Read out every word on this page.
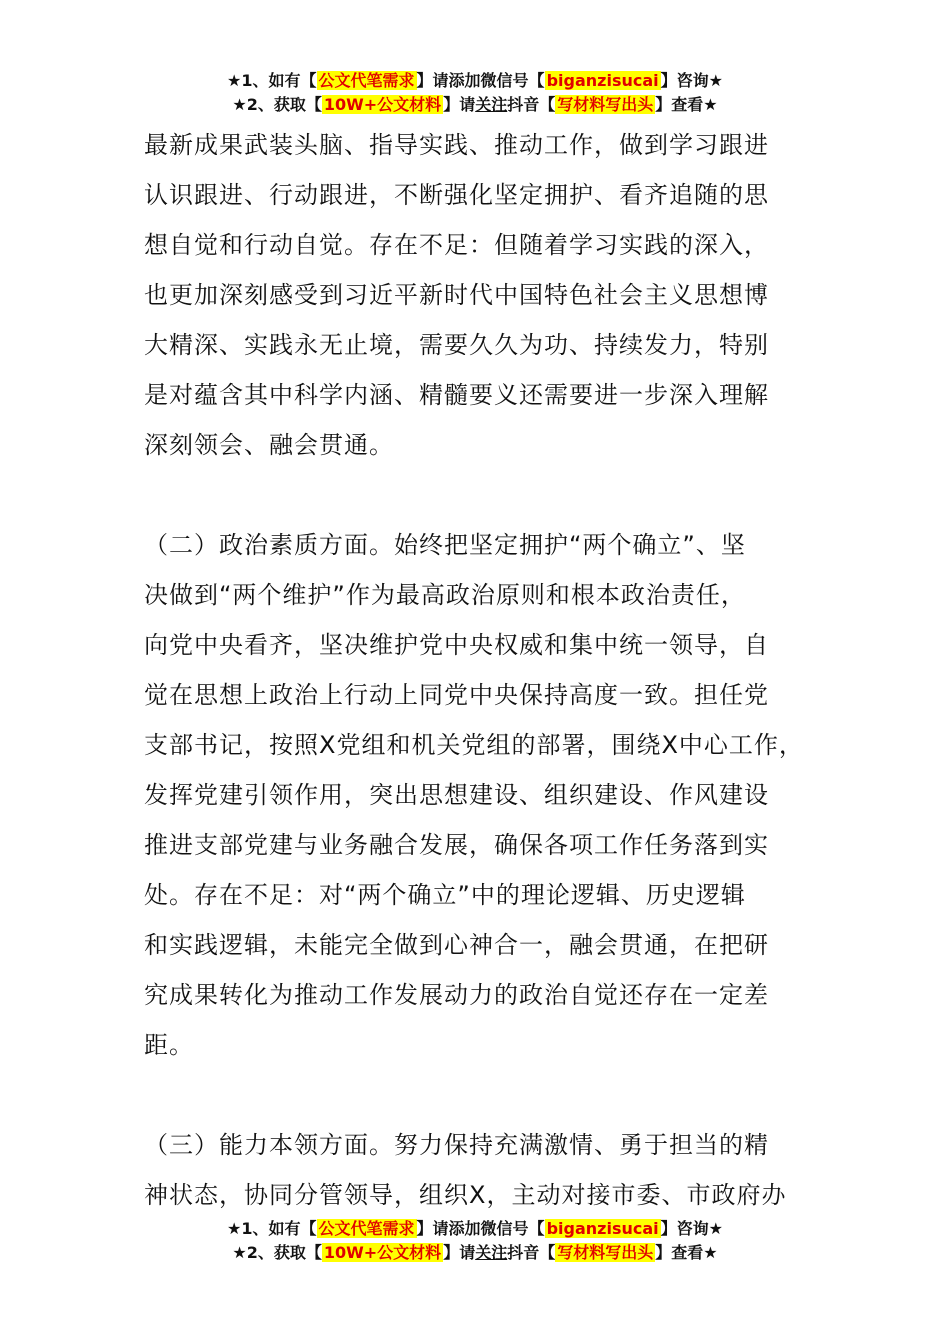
★1、如有【 公文代笔需求 】请添加微信号【 biganzisucai 】咨询★
★2、获取【 10W+公文材料 】请关注抖音【 写材料写出头 】查看★
最新成果武装头脑、指导实践、推动工作，做到学习跟进
认识跟进、行动跟进，不断强化坚定拥护、看齐追随的思
想自觉和行动自觉。存在不足：但随着学习实践的深入，
也更加深刻感受到习近平新时代中国特色社会主义思想博
大精深、实践永无止境，需要久久为功、持续发力，特别
是对蕴含其中科学内涵、精髓要义还需要进一步深入理解
深刻领会、融会贯通。
（二）政治素质方面。始终把坚定拥护“两个确立”、坚
决做到“两个维护”作为最高政治原则和根本政治责任，
向党中央看齐，坚决维护党中央权威和集中统一领导，自
觉在思想上政治上行动上同党中央保持高度一致。担任党
支部书记，按照X党组和机关党组的部署，围绕X中心工作，
发挥党建引领作用，突出思想建设、组织建设、作风建设
推进支部党建与业务融合发展，确保各项工作任务落到实
处。存在不足：对“两个确立”中的理论逻辑、历史逻辑
和实践逻辑，未能完全做到心神合一，融会贯通，在把研
究成果转化为推动工作发展动力的政治自觉还存在一定差
距。
（三）能力本领方面。努力保持充满激情、勇于担当的精
神状态，协同分管领导，组织X，主动对接市委、市政府办
★1、如有【 公文代笔需求 】请添加微信号【 biganzisucai 】咨询★
★2、获取【 10W+公文材料 】请关注抖音【 写材料写出头 】查看★
